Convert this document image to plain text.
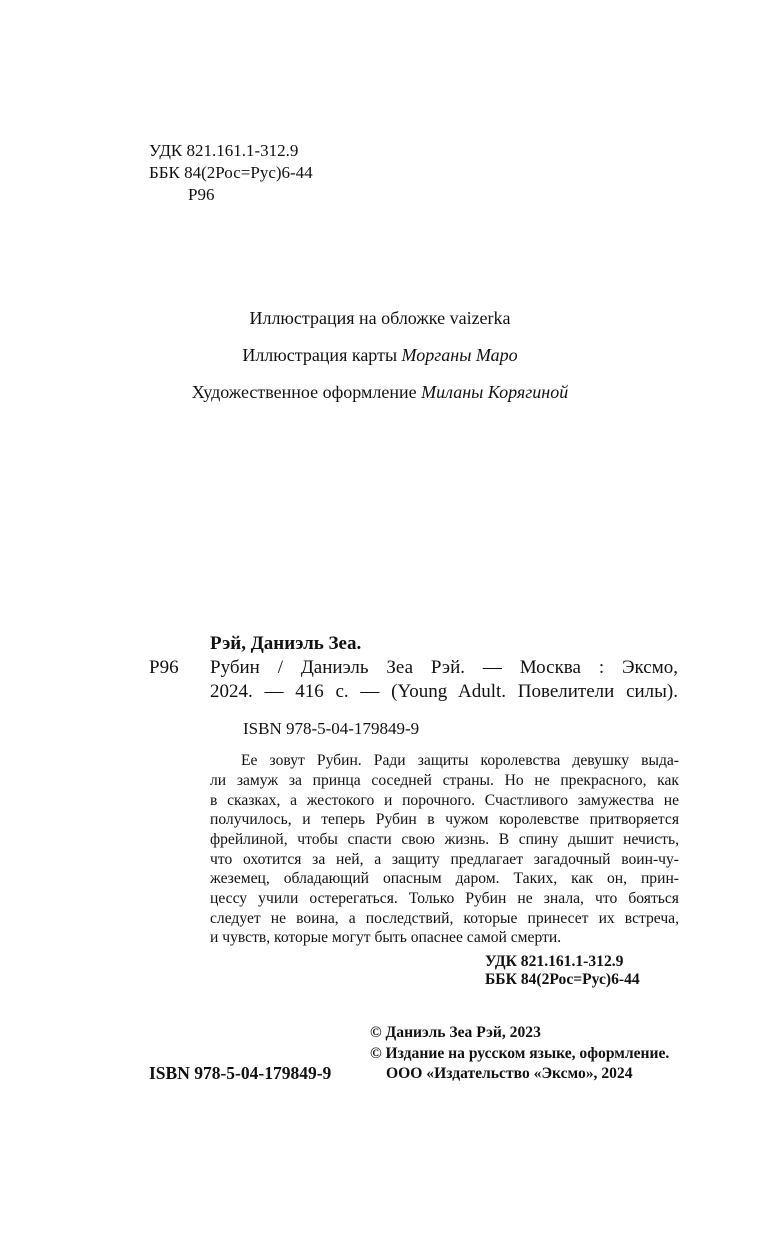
УДК 821.161.1-312.9
ББК 84(2Рос=Рус)6-44
Р96
Иллюстрация на обложке vaizerka
Иллюстрация карты Морганы Маро
Художественное оформление Миланы Корягиной
Рэй, Даниэль Зеа.
Р96 Рубин / Даниэль Зеа Рэй. — Москва : Эксмо,
2024. — 416 с. — (Young Adult. Повелители силы).
ISBN 978-5-04-179849-9
Ее зовут Рубин. Ради защиты королевства девушку выда-
ли замуж за принца соседней страны. Но не прекрасного, как
в сказках, а жестокого и порочного. Счастливого замужества не
получилось, и теперь Рубин в чужом королевстве притворяется
фрейлиной, чтобы спасти свою жизнь. В спину дышит нечисть,
что охотится за ней, а защиту предлагает загадочный воин-чу-
жеземец, обладающий опасным даром. Таких, как он, прин-
цессу учили остерегаться. Только Рубин не знала, что бояться
следует не воина, а последствий, которые принесет их встреча,
и чувств, которые могут быть опаснее самой смерти.
УДК 821.161.1-312.9
ББК 84(2Рос=Рус)6-44
© Даниэль Зеа Рэй, 2023
© Издание на русском языке, оформление.
ISBN 978-5-04-179849-9	ООО «Издательство «Эксмо», 2024
